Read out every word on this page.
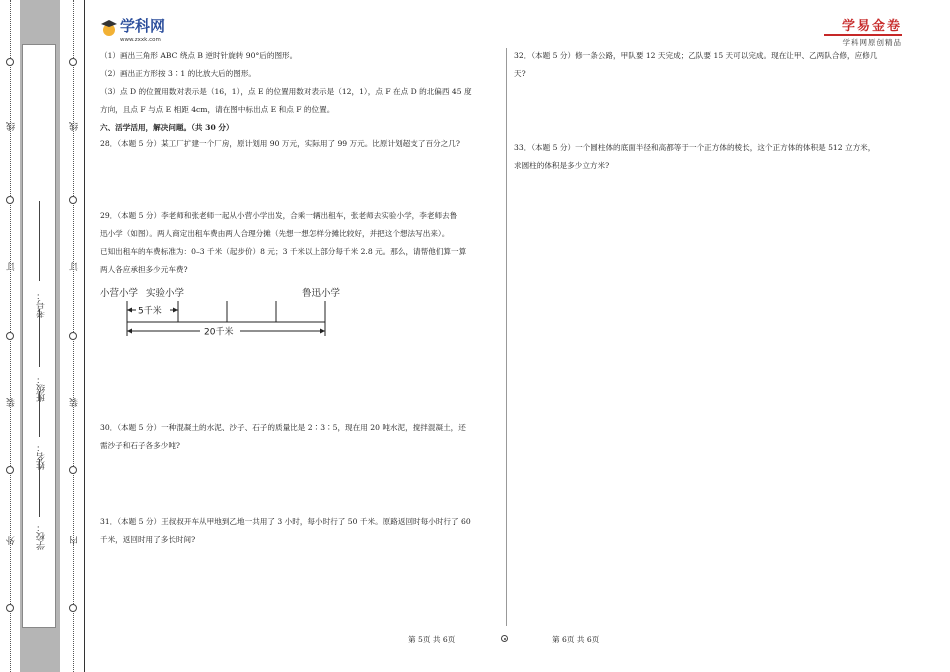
线
订
装
外
考号：
班级：
姓名：
学校：
线
订
装
内
学科网
www.zxxk.com
学易金卷
学科网原创精品
（1）画出三角形 ABC 绕点 B 逆时针旋转 90°后的图形。
（2）画出正方形按 3∶1 的比放大后的图形。
（3）点 D 的位置用数对表示是（16，1），点 E 的位置用数对表示是（12，1），点 F 在点 D 的北偏西 45 度
方向，且点 F 与点 E 相距 4cm，请在图中标出点 E 和点 F 的位置。
六、活学活用，解决问题。（共 30 分）
28．（本题 5 分）某工厂扩建一个厂房，原计划用 90 万元，实际用了 99 万元。比原计划超支了百分之几?
29．（本题 5 分）李老师和张老师一起从小营小学出发，合乘一辆出租车，张老师去实验小学，李老师去鲁
迅小学（如图）。两人商定出租车费由两人合理分摊（先想一想怎样分摊比较好，并把这个想法写出来）。
已知出租车的车费标准为：0–3 千米（起步价）8 元；3 千米以上部分每千米 2.8 元。那么，请帮他们算一算
两人各应承担多少元车费?
小营小学 实验小学	鲁迅小学
5千米
20千米
30．（本题 5 分）一种混凝土的水泥、沙子、石子的质量比是 2∶3∶5，现在用 20 吨水泥，搅拌混凝土，还
需沙子和石子各多少吨?
31．（本题 5 分）王叔叔开车从甲地到乙地一共用了 3 小时，每小时行了 50 千米。原路返回时每小时行了 60
千米，返回时用了多长时间?
32．（本题 5 分）修一条公路，甲队要 12 天完成；乙队要 15 天可以完成。现在让甲、乙两队合修，应修几
天?
33．（本题 5 分）一个圆柱体的底面半径和高都等于一个正方体的棱长，这个正方体的体积是 512 立方米，
求圆柱的体积是多少立方米?
第 5页 共 6页	第 6页 共 6页
